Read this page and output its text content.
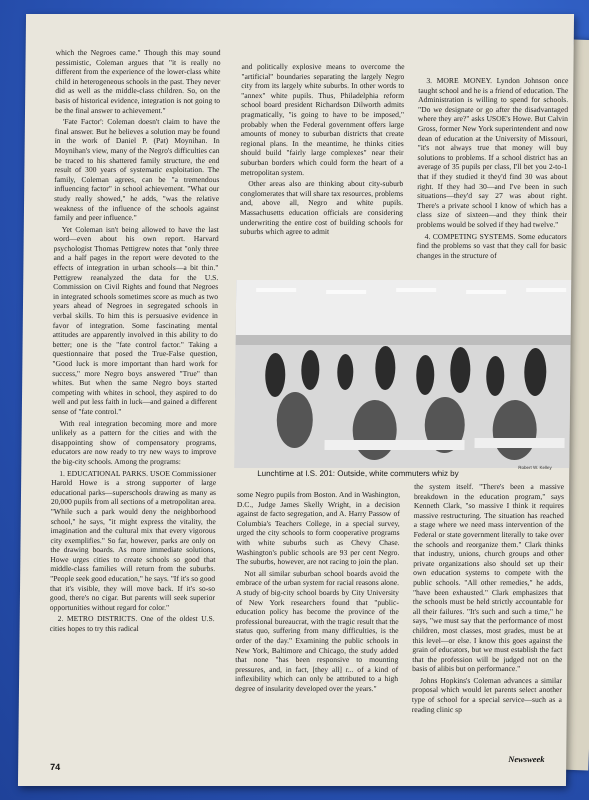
which the Negroes came." Though this may sound pessimistic, Coleman argues that "it is really no different from the experience of the lower-class white child in heterogeneous schools in the past. They never did as well as the middle-class children. So, on the basis of historical evidence, integration is not going to be the final answer to achievement."

'Fate Factor': Coleman doesn't claim to have the final answer. But he believes a solution may be found in the work of Daniel P. (Pat) Moynihan. In Moynihan's view, many of the Negro's difficulties can be traced to his shattered family structure, the end result of 300 years of systematic exploitation. The family, Coleman agrees, can be "a tremendous influencing factor" in school achievement. "What our study really showed," he adds, "was the relative weakness of the influence of the schools against family and peer influence."

Yet Coleman isn't being allowed to have the last word—even about his own report. Harvard psychologist Thomas Pettigrew notes that "only three and a half pages in the report were devoted to the effects of integration in urban schools—a bit thin." Pettigrew reanalyzed the data for the U.S. Commission on Civil Rights and found that Negroes in integrated schools sometimes score as much as two years ahead of Negroes in segregated schools in verbal skills. To him this is persuasive evidence in favor of integration. Some fascinating mental attitudes are apparently involved in this ability to do better; one is the "fate control factor." Taking a questionnaire that posed the True-False question, "Good luck is more important than hard work for success," more Negro boys answered "True" than whites. But when the same Negro boys started competing with whites in school, they aspired to do well and put less faith in luck—and gained a different sense of "fate control."

With real integration becoming more and more unlikely as a pattern for the cities and with the disappointing show of compensatory programs, educators are now ready to try new ways to improve the big-city schools. Among the programs:

1. EDUCATIONAL PARKS. USOE Commissioner Harold Howe is a strong supporter of large educational parks—superschools drawing as many as 20,000 pupils from all sections of a metropolitan area. "While such a park would deny the neighborhood school," he says, "it might express the vitality, the imagination and the cultural mix that every vigorous city exemplifies." So far, however, parks are only on the drawing boards. As more immediate solutions, Howe urges cities to create schools so good that middle-class families will return from the suburbs. "People seek good education," he says. "If it's so good that it's visible, they will move back. If it's so-so good, there's no cigar. But parents will seek superior opportunities without regard for color."

2. METRO DISTRICTS. One of the oldest U.S. cities hopes to try this radical

and politically explosive means to overcome the "artificial" boundaries separating the largely Negro city from its largely white suburbs. In other words to "annex" white pupils. Thus, Philadelphia reform school board president Richardson Dilworth admits pragmatically, "is going to have to be imposed," probably when the Federal government offers large amounts of money to suburban districts that create regional plans. In the meantime, he thinks cities should build "fairly large complexes" near their suburban borders which could form the heart of a metropolitan system.

Other areas also are thinking about city-suburb conglomerates that will share tax resources, problems and, above all, Negro and white pupils. Massachusetts education officials are considering underwriting the entire cost of building schools for suburbs which agree to admit

3. MORE MONEY. Lyndon Johnson once taught school and he is a friend of education. The Administration is willing to spend for schools. "Do we designate or go after the disadvantaged where they are?" asks USOE's Howe. But Calvin Gross, former New York superintendent and now dean of education at the University of Missouri, "it's not always true that money will buy solutions to problems. If a school district has an average of 35 pupils per class, I'll bet you 2-to-1 that if they studied it they'd find 30 was about right. If they had 30—and I've been in such situations—they'd say 27 was about right. There's a private school I know of which has a class size of sixteen—and they think their problems would be solved if they had twelve."

4. COMPETING SYSTEMS. Some educators find the problems so vast that they call for basic changes in the structure of

Robert W. Kelley
Lunchtime at I.S. 201: Outside, white commuters whiz by

some Negro pupils from Boston. And in Washington, D.C., Judge James Skelly Wright, in a decision against de facto segregation, and A. Harry Passow of Columbia's Teachers College, in a special survey, urged the city schools to form cooperative programs with white suburbs such as Chevy Chase. Washington's public schools are 93 per cent Negro. The suburbs, however, are not racing to join the plan.

Not all similar suburban school boards avoid the embrace of the urban system for racial reasons alone. A study of big-city school boards by City University of New York researchers found that "public-education policy has become the province of the professional bureaucrat, with the tragic result that the status quo, suffering from many difficulties, is the order of the day." Examining the public schools in New York, Baltimore and Chicago, the study added that none "has been responsive to mounting pressures, and, in fact, [they all] r... of a kind of inflexibility which can only be attributed to a high degree of insularity developed over the years."

the system itself. "There's been a massive breakdown in the education program," says Kenneth Clark, "so massive I think it requires massive restructuring. The situation has reached a stage where we need mass intervention of the Federal or state government literally to take over the schools and reorganize them." Clark thinks that industry, unions, church groups and other private organizations also should set up their own education systems to compete with the public schools. "All other remedies," he adds, "have been exhausted." Clark emphasizes that the schools must be held strictly accountable for all their failures. "It's such and such a time," he says, "we must say that the performance of most children, most classes, most grades, must be at this level—or else. I know this goes against the grain of educators, but we must establish the fact that the profession will be judged not on the basis of alibis but on performance."

Johns Hopkins's Coleman advances a similar proposal which would let parents select another type of school for a special service—such as a reading clinic sp

74
Newsweek
